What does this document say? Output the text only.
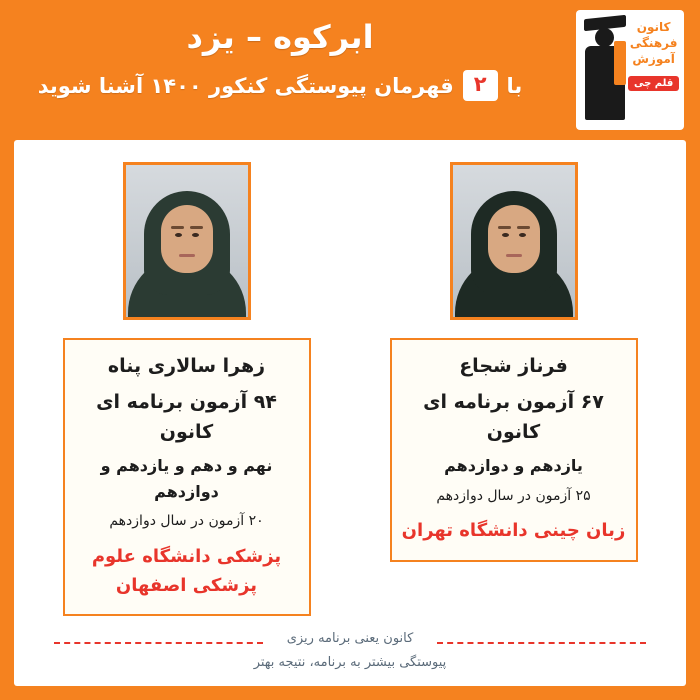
کانون
فرهنگی
آموزش
قلم چی
ابرکوه – یزد
با
۲
قهرمان پیوستگی کنکور ۱۴۰۰ آشنا شوید
فرناز شجاع
۶۷ آزمون برنامه ای کانون
یازدهم و دوازدهم
۲۵ آزمون در سال دوازدهم
زبان چینی دانشگاه تهران
زهرا سالاری پناه
۹۴ آزمون برنامه ای کانون
نهم و دهم و یازدهم و دوازدهم
۲۰ آزمون در سال دوازدهم
پزشکی دانشگاه علوم پزشکی اصفهان
کانون یعنی برنامه ریزی
پیوستگی بیشتر به برنامه، نتیجه بهتر
